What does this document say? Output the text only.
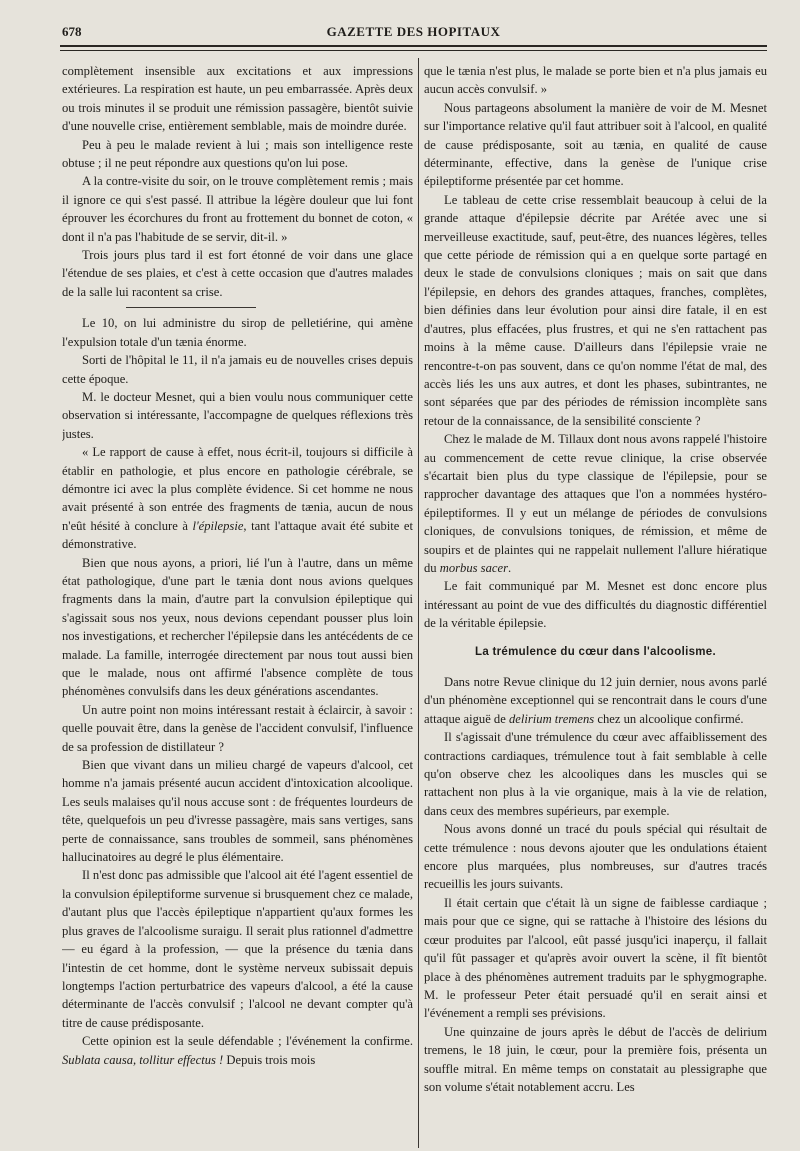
678	GAZETTE DES HOPITAUX

complètement insensible aux excitations et aux impressions extérieures. La respiration est haute, un peu embarrassée. Après deux ou trois minutes il se produit une rémission passagère, bientôt suivie d'une nouvelle crise, entièrement semblable, mais de moindre durée.

Peu à peu le malade revient à lui ; mais son intelligence reste obtuse ; il ne peut répondre aux questions qu'on lui pose.

A la contre-visite du soir, on le trouve complètement remis ; mais il ignore ce qui s'est passé. Il attribue la légère douleur que lui font éprouver les écorchures du front au frottement du bonnet de coton, « dont il n'a pas l'habitude de se servir, dit-il. »

Trois jours plus tard il est fort étonné de voir dans une glace l'étendue de ses plaies, et c'est à cette occasion que d'autres malades de la salle lui racontent sa crise.

Le 10, on lui administre du sirop de pelletiérine, qui amène l'expulsion totale d'un tænia énorme.

Sorti de l'hôpital le 11, il n'a jamais eu de nouvelles crises depuis cette époque.

M. le docteur Mesnet, qui a bien voulu nous communiquer cette observation si intéressante, l'accompagne de quelques réflexions très justes.

« Le rapport de cause à effet, nous écrit-il, toujours si difficile à établir en pathologie, et plus encore en pathologie cérébrale, se démontre ici avec la plus complète évidence. Si cet homme ne nous avait présenté à son entrée des fragments de tænia, aucun de nous n'eût hésité à conclure à l'épilepsie, tant l'attaque avait été subite et démonstrative.

Bien que nous ayons, a priori, lié l'un à l'autre, dans un même état pathologique, d'une part le tænia dont nous avions quelques fragments dans la main, d'autre part la convulsion épileptique qui s'agissait sous nos yeux, nous devions cependant pousser plus loin nos investigations, et rechercher l'épilepsie dans les antécédents de ce malade. La famille, interrogée directement par nous tout aussi bien que le malade, nous ont affirmé l'absence complète de tous phénomènes convulsifs dans les deux générations ascendantes.

Un autre point non moins intéressant restait à éclaircir, à savoir : quelle pouvait être, dans la genèse de l'accident convulsif, l'influence de sa profession de distillateur ?

Bien que vivant dans un milieu chargé de vapeurs d'alcool, cet homme n'a jamais présenté aucun accident d'intoxication alcoolique. Les seuls malaises qu'il nous accuse sont : de fréquentes lourdeurs de tête, quelquefois un peu d'ivresse passagère, mais sans vertiges, sans perte de connaissance, sans troubles de sommeil, sans phénomènes hallucinatoires au degré le plus élémentaire.

Il n'est donc pas admissible que l'alcool ait été l'agent essentiel de la convulsion épileptiforme survenue si brusquement chez ce malade, d'autant plus que l'accès épileptique n'appartient qu'aux formes les plus graves de l'alcoolisme suraigu. Il serait plus rationnel d'admettre — eu égard à la profession, — que la présence du tænia dans l'intestin de cet homme, dont le système nerveux subissait depuis longtemps l'action perturbatrice des vapeurs d'alcool, a été la cause déterminante de l'accès convulsif ; l'alcool ne devant compter qu'à titre de cause prédisposante.

Cette opinion est la seule défendable ; l'événement la confirme. Sublata causa, tollitur effectus ! Depuis trois mois

que le tænia n'est plus, le malade se porte bien et n'a plus jamais eu aucun accès convulsif. »

Nous partageons absolument la manière de voir de M. Mesnet sur l'importance relative qu'il faut attribuer soit à l'alcool, en qualité de cause prédisposante, soit au tænia, en qualité de cause déterminante, effective, dans la genèse de l'unique crise épileptiforme présentée par cet homme.

Le tableau de cette crise ressemblait beaucoup à celui de la grande attaque d'épilepsie décrite par Arétée avec une si merveilleuse exactitude, sauf, peut-être, des nuances légères, telles que cette période de rémission qui a en quelque sorte partagé en deux le stade de convulsions cloniques ; mais on sait que dans l'épilepsie, en dehors des grandes attaques, franches, complètes, bien définies dans leur évolution pour ainsi dire fatale, il en est d'autres, plus effacées, plus frustres, et qui ne s'en rattachent pas moins à la même cause. D'ailleurs dans l'épilepsie vraie ne rencontre-t-on pas souvent, dans ce qu'on nomme l'état de mal, des accès liés les uns aux autres, et dont les phases, subintrantes, ne sont séparées que par des périodes de rémission incomplète sans retour de la connaissance, de la sensibilité consciente ?

Chez le malade de M. Tillaux dont nous avons rappelé l'histoire au commencement de cette revue clinique, la crise observée s'écartait bien plus du type classique de l'épilepsie, pour se rapprocher davantage des attaques que l'on a nommées hystéro-épileptiformes. Il y eut un mélange de périodes de convulsions cloniques, de convulsions toniques, de rémission, et même de soupirs et de plaintes qui ne rappelait nullement l'allure hiératique du morbus sacer.

Le fait communiqué par M. Mesnet est donc encore plus intéressant au point de vue des difficultés du diagnostic différentiel de la véritable épilepsie.

La trémulence du cœur dans l'alcoolisme.

Dans notre Revue clinique du 12 juin dernier, nous avons parlé d'un phénomène exceptionnel qui se rencontrait dans le cours d'une attaque aiguë de delirium tremens chez un alcoolique confirmé.

Il s'agissait d'une trémulence du cœur avec affaiblissement des contractions cardiaques, trémulence tout à fait semblable à celle qu'on observe chez les alcooliques dans les muscles qui se rattachent non plus à la vie organique, mais à la vie de relation, dans ceux des membres supérieurs, par exemple.

Nous avons donné un tracé du pouls spécial qui résultait de cette trémulence : nous devons ajouter que les ondulations étaient encore plus marquées, plus nombreuses, sur d'autres tracés recueillis les jours suivants.

Il était certain que c'était là un signe de faiblesse cardiaque ; mais pour que ce signe, qui se rattache à l'histoire des lésions du cœur produites par l'alcool, eût passé jusqu'ici inaperçu, il fallait qu'il fût passager et qu'après avoir ouvert la scène, il fît bientôt place à des phénomènes autrement traduits par le sphygmographe. M. le professeur Peter était persuadé qu'il en serait ainsi et l'événement a rempli ses prévisions.

Une quinzaine de jours après le début de l'accès de delirium tremens, le 18 juin, le cœur, pour la première fois, présenta un souffle mitral. En même temps on constatait au plessigraphe que son volume s'était notablement accru. Les
